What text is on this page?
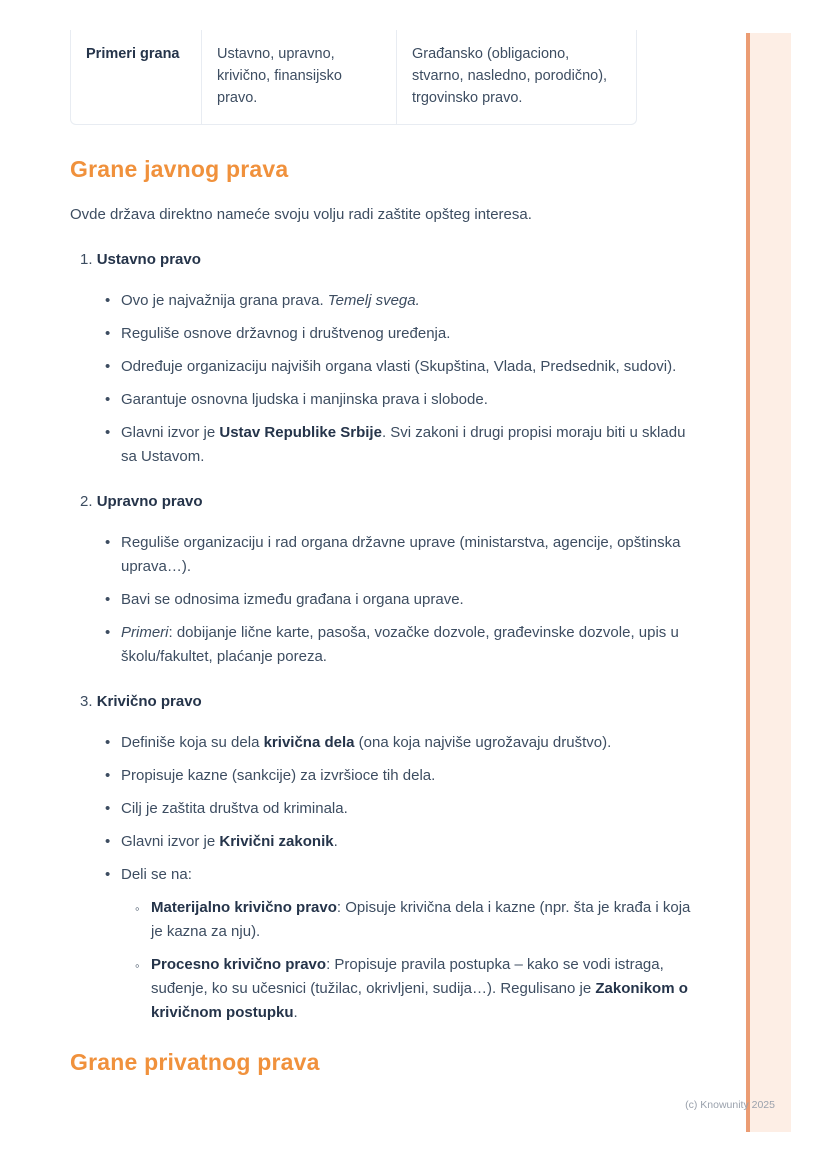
Primeri grana	Ustavno, upravno, krivično, finansijsko pravo.
Građansko (obligaciono, stvarno, nasledno, porodično), trgovinsko pravo.
Grane javnog prava
Ovde država direktno nameće svoju volju radi zaštite opšteg interesa.
1. Ustavno pravo
• Ovo je najvažnija grana prava. Temelj svega.
• Reguliše osnove državnog i društvenog uređenja.
• Određuje organizaciju najviših organa vlasti (Skupština, Vlada, Predsednik, sudovi).
• Garantuje osnovna ljudska i manjinska prava i slobode.
• Glavni izvor je Ustav Republike Srbije. Svi zakoni i drugi propisi moraju biti u skladu sa Ustavom.
2. Upravno pravo
• Reguliše organizaciju i rad organa državne uprave (ministarstva, agencije, opštinska uprava…).
• Bavi se odnosima između građana i organa uprave.
• Primeri: dobijanje lične karte, pasoša, vozačke dozvole, građevinske dozvole, upis u školu/fakultet, plaćanje poreza.
3. Krivično pravo
• Definiše koja su dela krivična dela (ona koja najviše ugrožavaju društvo).
• Propisuje kazne (sankcije) za izvršioce tih dela.
• Cilj je zaštita društva od kriminala.
• Glavni izvor je Krivični zakonik.
• Deli se na:
◦ Materijalno krivično pravo: Opisuje krivična dela i kazne (npr. šta je krađa i koja je kazna za nju).
◦ Procesno krivično pravo: Propisuje pravila postupka – kako se vodi istraga, suđenje, ko su učesnici (tužilac, okrivljeni, sudija…). Regulisano je Zakonikom o krivičnom postupku.
Grane privatnog prava
(c) Knowunity 2025
